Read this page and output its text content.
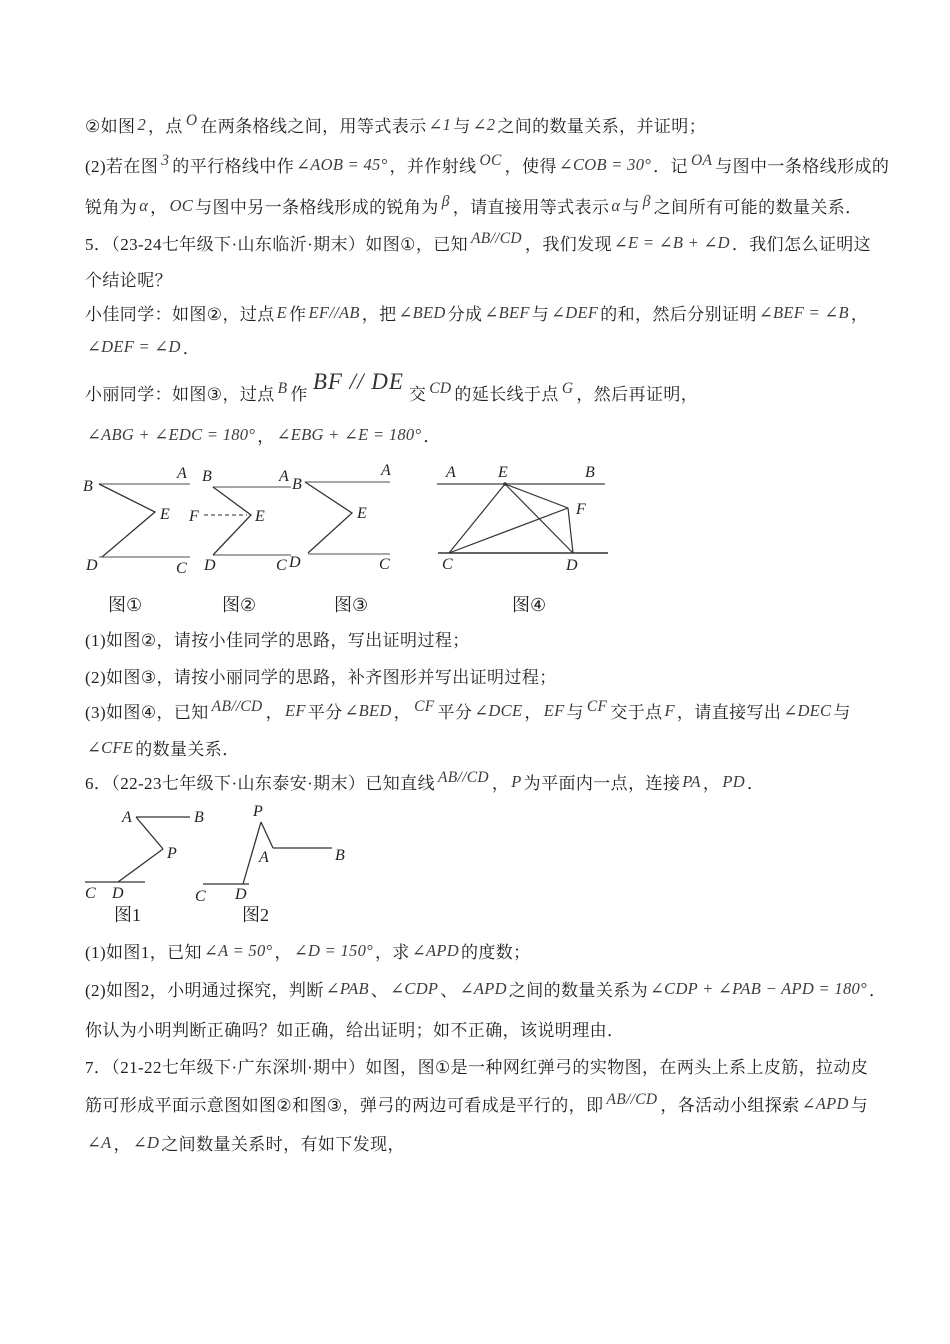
B
A
E
D	C
B	A
E
F
D	C
B
A
E
D	C
A	E	B
C	D
F
图①	图②	图③	图④
A	B
P
C D
P
A	B
C D
图1	图2
②如图 2 ，点 O 在两条格线之间，用等式表示 ∠1 与 ∠2 之间的数量关系，并证明；
(2)若在图 3 的平行格线中作 ∠AOB = 45° ，并作射线 OC ，使得 ∠COB = 30° ．记 OA 与图中一条格线形成的
锐角为 α ， OC 与图中另一条格线形成的锐角为 β ，请直接用等式表示 α 与 β 之间所有可能的数量关系．
5．（23-24七年级下·山东临沂·期末）如图①，已知 AB//CD ，我们发现 ∠E = ∠B + ∠D ．我们怎么证明这
个结论呢？
小佳同学：如图②，过点 E 作 EF//AB ，把 ∠BED 分成 ∠BEF 与 ∠DEF 的和，然后分别证明 ∠BEF = ∠B ，
∠DEF = ∠D ．
小丽同学：如图③，过点 B 作BF // DE交 CD 的延长线于点 G ，然后再证明，
∠ABG + ∠EDC = 180° ， ∠EBG + ∠E = 180° ．
(1)如图②，请按小佳同学的思路，写出证明过程；
(2)如图③，请按小丽同学的思路，补齐图形并写出证明过程；
(3)如图④，已知 AB//CD ， EF 平分 ∠BED ， CF 平分 ∠DCE ， EF 与 CF 交于点 F ，请直接写出 ∠DEC 与
∠CFE 的数量关系．
6．（22-23七年级下·山东泰安·期末）已知直线 AB//CD ， P 为平面内一点，连接 PA ， PD ．
(1)如图1，已知 ∠A = 50° ， ∠D = 150° ，求 ∠APD 的度数；
(2)如图2，小明通过探究，判断 ∠PAB 、 ∠CDP 、 ∠APD 之间的数量关系为 ∠CDP + ∠PAB − APD = 180° ．
你认为小明判断正确吗？如正确，给出证明；如不正确，该说明理由．
7．（21-22七年级下·广东深圳·期中）如图，图①是一种网红弹弓的实物图，在两头上系上皮筋，拉动皮
筋可形成平面示意图如图②和图③，弹弓的两边可看成是平行的，即 AB//CD ，各活动小组探索 ∠APD 与
∠A ， ∠D 之间数量关系时，有如下发现，
